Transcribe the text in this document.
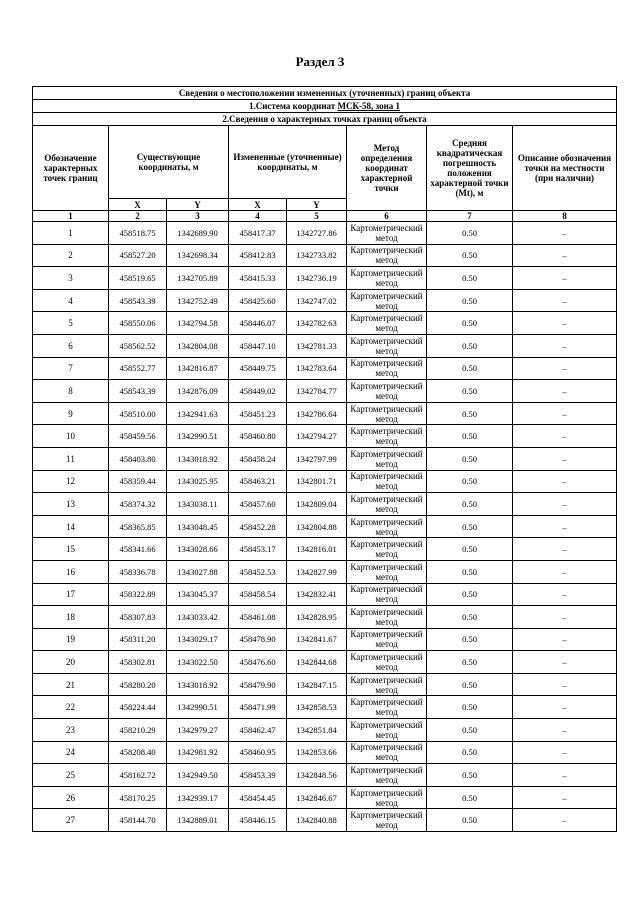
Раздел 3
Сведения о местоположении измененных (уточненных) границ объекта							
1.Система координат МСК-58, зона 1							
2.Сведения о характерных точках границ объекта							
Обозначение характерных точек границ	Существующие координаты, м		Измененные (уточненные) координаты, м		Метод определения координат характерной точки	Средняя квадратическая погрешность положения характерной точки (Mt), м	Описание обозначения точки на местности (при наличии)
	X	Y	X	Y			
1	2	3	4	5	6	7	8
1	458518.75	1342689.90	458417.37	1342727.86	Картометрический метод	0.50	–
2	458527.20	1342698.34	458412.83	1342733.82	Картометрический метод	0.50	–
3	458519.65	1342705.89	458415.33	1342736.19	Картометрический метод	0.50	–
4	458543.39	1342752.49	458425.60	1342747.02	Картометрический метод	0.50	–
5	458550.06	1342794.58	458446.07	1342782.63	Картометрический метод	0.50	–
6	458562.52	1342804.08	458447.10	1342781.33	Картометрический метод	0.50	–
7	458552.77	1342816.87	458449.75	1342783.64	Картометрический метод	0.50	–
8	458543.39	1342876.09	458449.02	1342784.77	Картометрический метод	0.50	–
9	458510.00	1342941.63	458451.23	1342786.64	Картометрический метод	0.50	–
10	458459.56	1342990.51	458460.80	1342794.27	Картометрический метод	0.50	–
11	458403.80	1343018.92	458458.24	1342797.99	Картометрический метод	0.50	–
12	458359.44	1343025.95	458463.21	1342801.71	Картометрический метод	0.50	–
13	458374.32	1343038.11	458457.60	1342809.04	Картометрический метод	0.50	–
14	458365.85	1343048.45	458452.28	1342804.88	Картометрический метод	0.50	–
15	458341.66	1343028.66	458453.17	1342816.01	Картометрический метод	0.50	–
16	458336.78	1343027.88	458452.53	1342827.99	Картометрический метод	0.50	–
17	458322.89	1343045.37	458458.54	1342832.41	Картометрический метод	0.50	–
18	458307.83	1343033.42	458461.08	1342828.95	Картометрический метод	0.50	–
19	458311.20	1343029.17	458478.90	1342841.67	Картометрический метод	0.50	–
20	458302.81	1343022.50	458476.60	1342844.68	Картометрический метод	0.50	–
21	458280.20	1343018.92	458479.90	1342847.15	Картометрический метод	0.50	–
22	458224.44	1342990.51	458471.99	1342858.53	Картометрический метод	0.50	–
23	458210.29	1342979.27	458462.47	1342851.84	Картометрический метод	0.50	–
24	458208.40	1342981.92	458460.95	1342853.66	Картометрический метод	0.50	–
25	458162.72	1342949.50	458453.39	1342848.56	Картометрический метод	0.50	–
26	458170.25	1342939.17	458454.45	1342846.67	Картометрический метод	0.50	–
27	458144.70	1342889.01	458446.15	1342840.88	Картометрический метод	0.50	–
